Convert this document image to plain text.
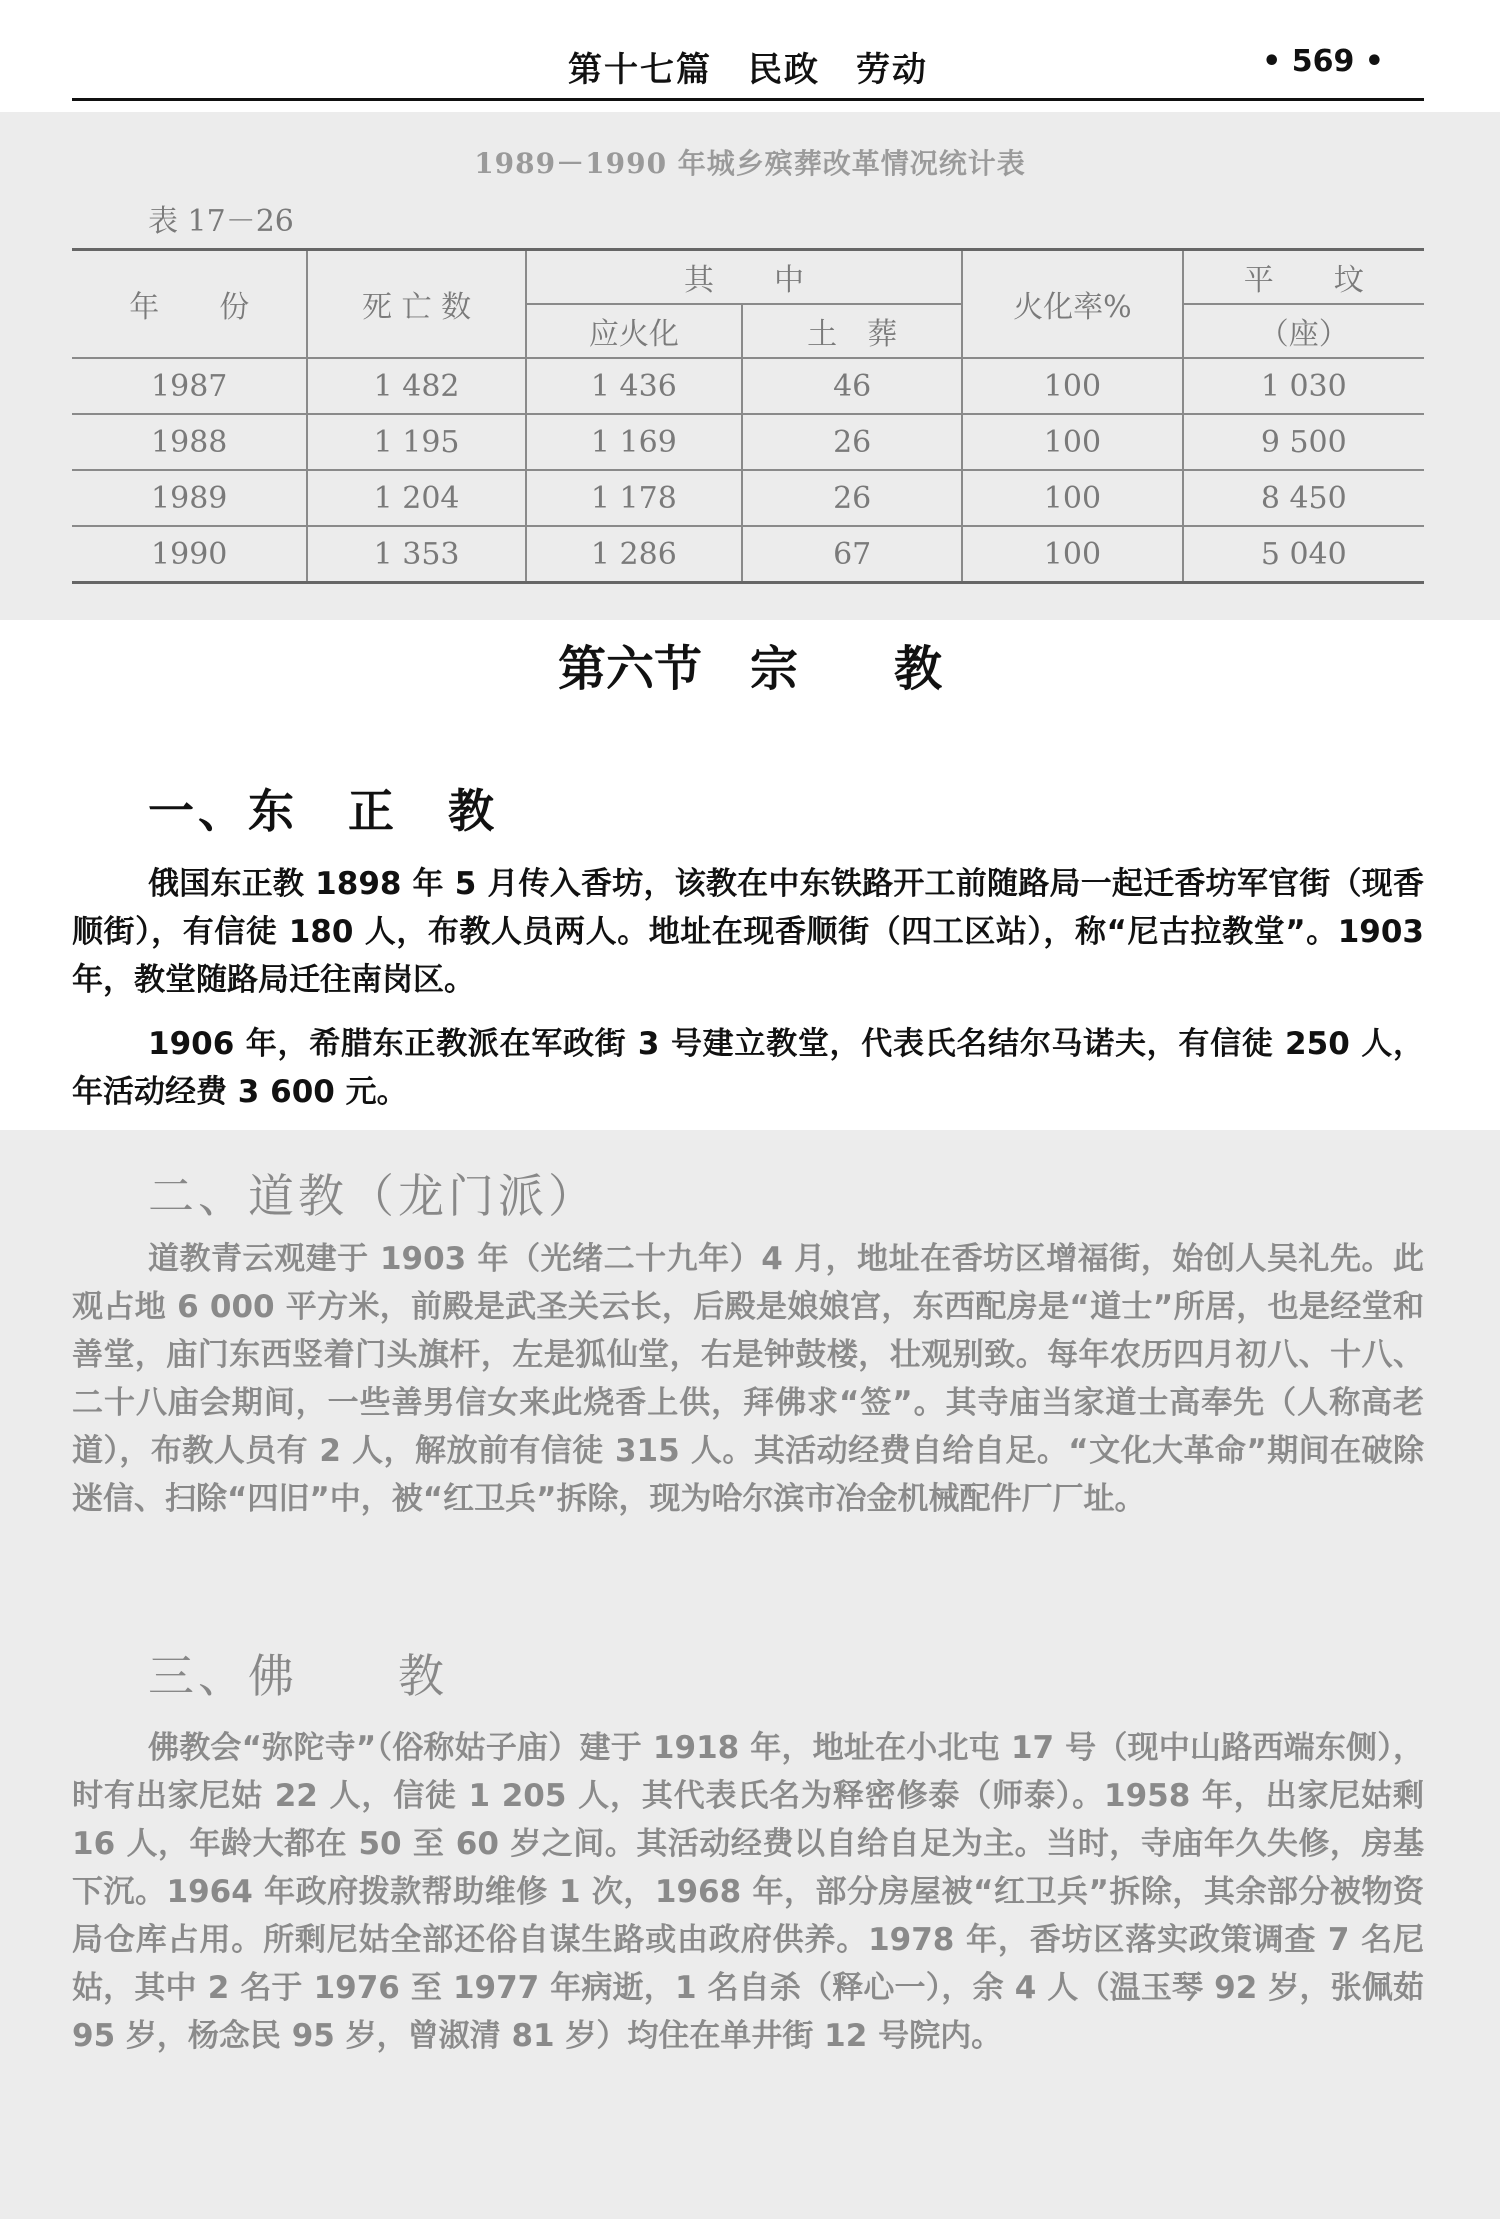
第十七篇　民政　劳动	• 569 •
1989－1990 年城乡殡葬改革情况统计表
表 17－26
年　　份	死 亡 数	其　　中		火化率%	平　　坟
		应火化	土　葬		（座）
1987	1 482	1 436	46	100	1 030
1988	1 195	1 169	26	100	9 500
1989	1 204	1 178	26	100	8 450
1990	1 353	1 286	67	100	5 040
第六节　宗　　教
一、东　正　教
俄国东正教 1898 年 5 月传入香坊，该教在中东铁路开工前随路局一起迁香坊军官街（现香顺街），有信徒 180 人，布教人员两人。地址在现香顺街（四工区站），称“尼古拉教堂”。1903 年，教堂随路局迁往南岗区。
1906 年，希腊东正教派在军政街 3 号建立教堂，代表氏名结尔马诺夫，有信徒 250 人，年活动经费 3 600 元。
二、道教（龙门派）
道教青云观建于 1903 年（光绪二十九年）4 月，地址在香坊区增福街，始创人吴礼先。此观占地 6 000 平方米，前殿是武圣关云长，后殿是娘娘宫，东西配房是“道士”所居，也是经堂和善堂，庙门东西竖着门头旗杆，左是狐仙堂，右是钟鼓楼，壮观别致。每年农历四月初八、十八、二十八庙会期间，一些善男信女来此烧香上供，拜佛求“签”。其寺庙当家道士高奉先（人称高老道），布教人员有 2 人，解放前有信徒 315 人。其活动经费自给自足。“文化大革命”期间在破除迷信、扫除“四旧”中，被“红卫兵”拆除，现为哈尔滨市冶金机械配件厂厂址。
三、佛　　教
佛教会“弥陀寺”（俗称姑子庙）建于 1918 年，地址在小北屯 17 号（现中山路西端东侧），时有出家尼姑 22 人，信徒 1 205 人，其代表氏名为释密修泰（师泰）。1958 年，出家尼姑剩 16 人，年龄大都在 50 至 60 岁之间。其活动经费以自给自足为主。当时，寺庙年久失修，房基下沉。1964 年政府拨款帮助维修 1 次，1968 年，部分房屋被“红卫兵”拆除，其余部分被物资局仓库占用。所剩尼姑全部还俗自谋生路或由政府供养。1978 年，香坊区落实政策调查 7 名尼姑，其中 2 名于 1976 至 1977 年病逝，1 名自杀（释心一），余 4 人（温玉琴 92 岁，张佩茹 95 岁，杨念民 95 岁，曾淑清 81 岁）均住在单井街 12 号院内。
